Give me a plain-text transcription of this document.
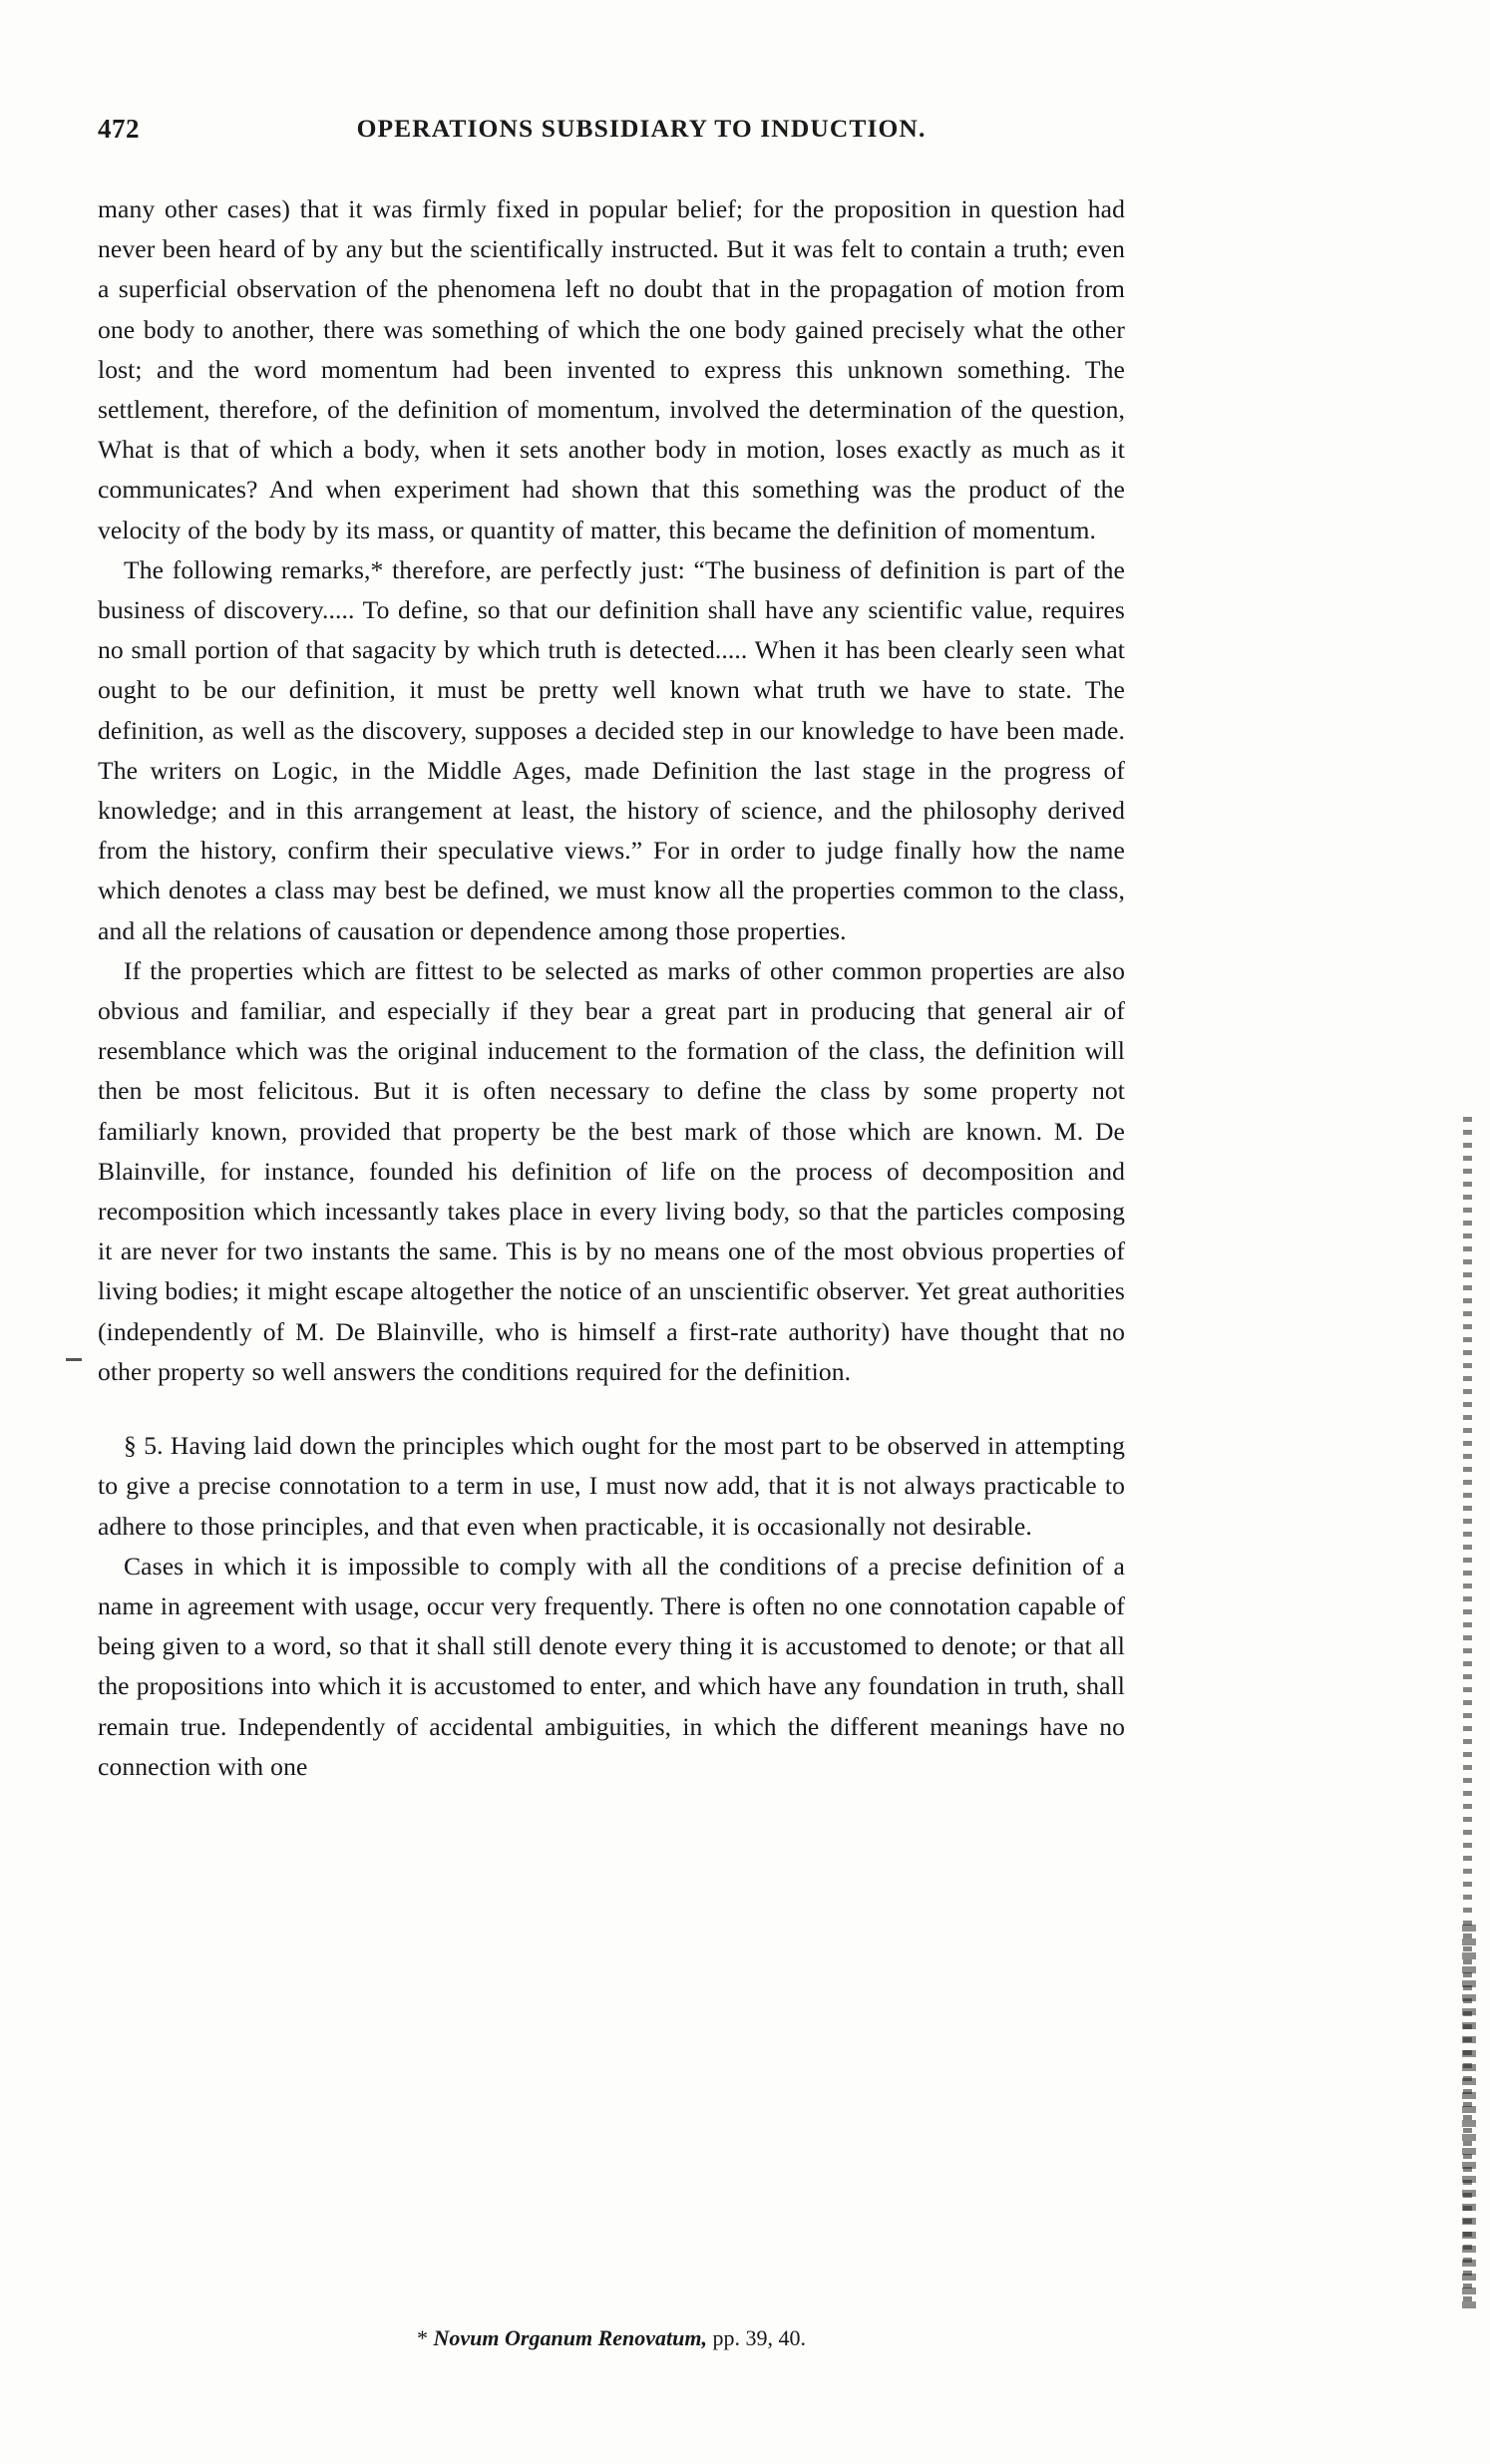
472	OPERATIONS SUBSIDIARY TO INDUCTION.

many other cases) that it was firmly fixed in popular belief; for the proposition in question had never been heard of by any but the scientifically instructed. But it was felt to contain a truth; even a superficial observation of the phenomena left no doubt that in the propagation of motion from one body to another, there was something of which the one body gained precisely what the other lost; and the word momentum had been invented to express this unknown something. The settlement, therefore, of the definition of momentum, involved the determination of the question, What is that of which a body, when it sets another body in motion, loses exactly as much as it communicates? And when experiment had shown that this something was the product of the velocity of the body by its mass, or quantity of matter, this became the definition of momentum.

The following remarks,* therefore, are perfectly just: “The business of definition is part of the business of discovery..... To define, so that our definition shall have any scientific value, requires no small portion of that sagacity by which truth is detected..... When it has been clearly seen what ought to be our definition, it must be pretty well known what truth we have to state. The definition, as well as the discovery, supposes a decided step in our knowledge to have been made. The writers on Logic, in the Middle Ages, made Definition the last stage in the progress of knowledge; and in this arrangement at least, the history of science, and the philosophy derived from the history, confirm their speculative views.” For in order to judge finally how the name which denotes a class may best be defined, we must know all the properties common to the class, and all the relations of causation or dependence among those properties.

If the properties which are fittest to be selected as marks of other common properties are also obvious and familiar, and especially if they bear a great part in producing that general air of resemblance which was the original inducement to the formation of the class, the definition will then be most felicitous. But it is often necessary to define the class by some property not familiarly known, provided that property be the best mark of those which are known. M. De Blainville, for instance, founded his definition of life on the process of decomposition and recomposition which incessantly takes place in every living body, so that the particles composing it are never for two instants the same. This is by no means one of the most obvious properties of living bodies; it might escape altogether the notice of an unscientific observer. Yet great authorities (independently of M. De Blainville, who is himself a first-rate authority) have thought that no other property so well answers the conditions required for the definition.

§ 5. Having laid down the principles which ought for the most part to be observed in attempting to give a precise connotation to a term in use, I must now add, that it is not always practicable to adhere to those principles, and that even when practicable, it is occasionally not desirable.

Cases in which it is impossible to comply with all the conditions of a precise definition of a name in agreement with usage, occur very frequently. There is often no one connotation capable of being given to a word, so that it shall still denote every thing it is accustomed to denote; or that all the propositions into which it is accustomed to enter, and which have any foundation in truth, shall remain true. Independently of accidental ambiguities, in which the different meanings have no connection with one

* Novum Organum Renovatum, pp. 39, 40.
